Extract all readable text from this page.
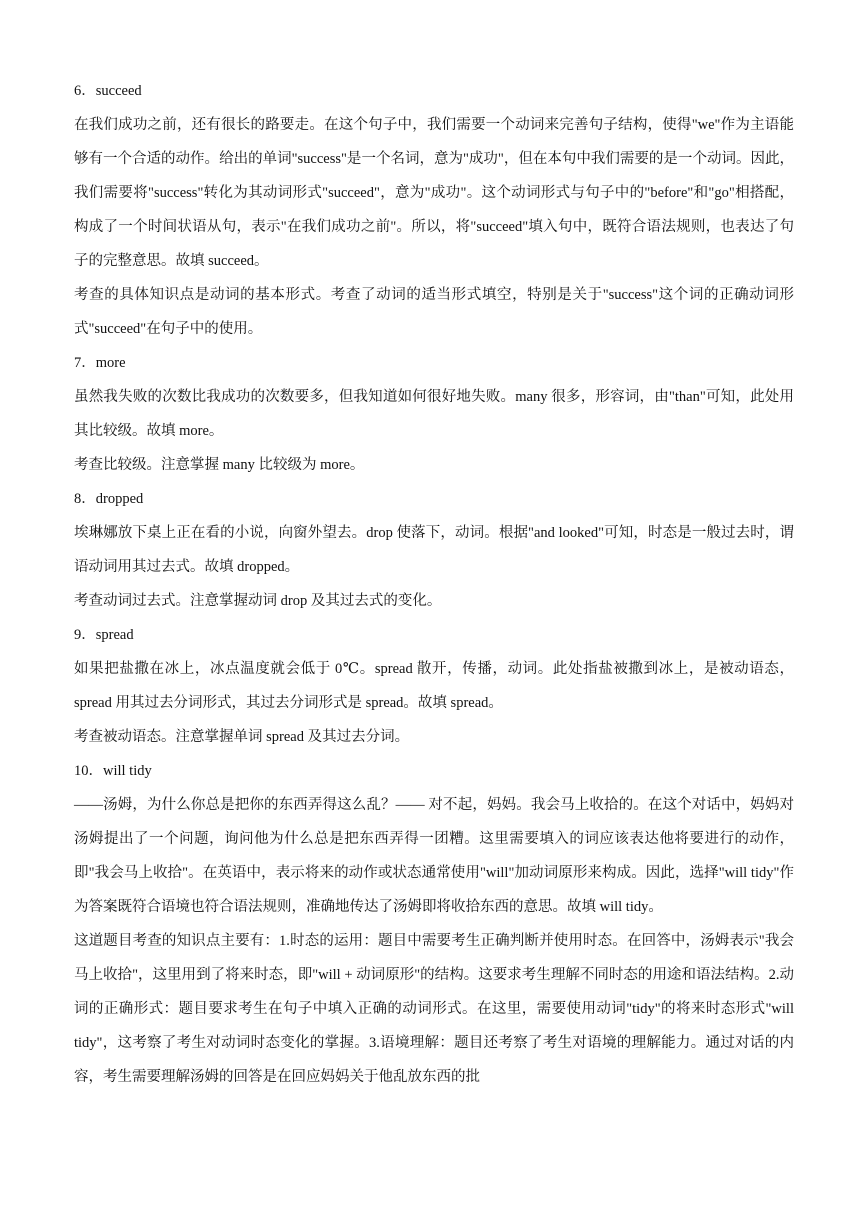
6．succeed

在我们成功之前，还有很长的路要走。在这个句子中，我们需要一个动词来完善句子结构，使得"we"作为主语能够有一个合适的动作。给出的单词"success"是一个名词，意为"成功"，但在本句中我们需要的是一个动词。因此，我们需要将"success"转化为其动词形式"succeed"，意为"成功"。这个动词形式与句子中的"before"和"go"相搭配，构成了一个时间状语从句，表示"在我们成功之前"。所以，将"succeed"填入句中，既符合语法规则，也表达了句子的完整意思。故填 succeed。

考查的具体知识点是动词的基本形式。考查了动词的适当形式填空，特别是关于"success"这个词的正确动词形式"succeed"在句子中的使用。

7．more

虽然我失败的次数比我成功的次数要多，但我知道如何很好地失败。many 很多，形容词，由"than"可知，此处用其比较级。故填 more。

考查比较级。注意掌握 many 比较级为 more。

8．dropped

埃琳娜放下桌上正在看的小说，向窗外望去。drop 使落下，动词。根据"and looked"可知，时态是一般过去时，谓语动词用其过去式。故填 dropped。

考查动词过去式。注意掌握动词 drop 及其过去式的变化。

9．spread

如果把盐撒在冰上，冰点温度就会低于 0℃。spread 散开，传播，动词。此处指盐被撒到冰上，是被动语态，spread 用其过去分词形式，其过去分词形式是 spread。故填 spread。

考查被动语态。注意掌握单词 spread 及其过去分词。

10．will tidy

——汤姆，为什么你总是把你的东西弄得这么乱？—— 对不起，妈妈。我会马上收拾的。在这个对话中，妈妈对汤姆提出了一个问题，询问他为什么总是把东西弄得一团糟。这里需要填入的词应该表达他将要进行的动作，即"我会马上收拾"。在英语中，表示将来的动作或状态通常使用"will"加动词原形来构成。因此，选择"will tidy"作为答案既符合语境也符合语法规则，准确地传达了汤姆即将收拾东西的意思。故填 will tidy。

这道题目考查的知识点主要有：1.时态的运用：题目中需要考生正确判断并使用时态。在回答中，汤姆表示"我会马上收拾"，这里用到了将来时态，即"will + 动词原形"的结构。这要求考生理解不同时态的用途和语法结构。2.动词的正确形式：题目要求考生在句子中填入正确的动词形式。在这里，需要使用动词"tidy"的将来时态形式"will tidy"，这考察了考生对动词时态变化的掌握。3.语境理解：题目还考察了考生对语境的理解能力。通过对话的内容，考生需要理解汤姆的回答是在回应妈妈关于他乱放东西的批
